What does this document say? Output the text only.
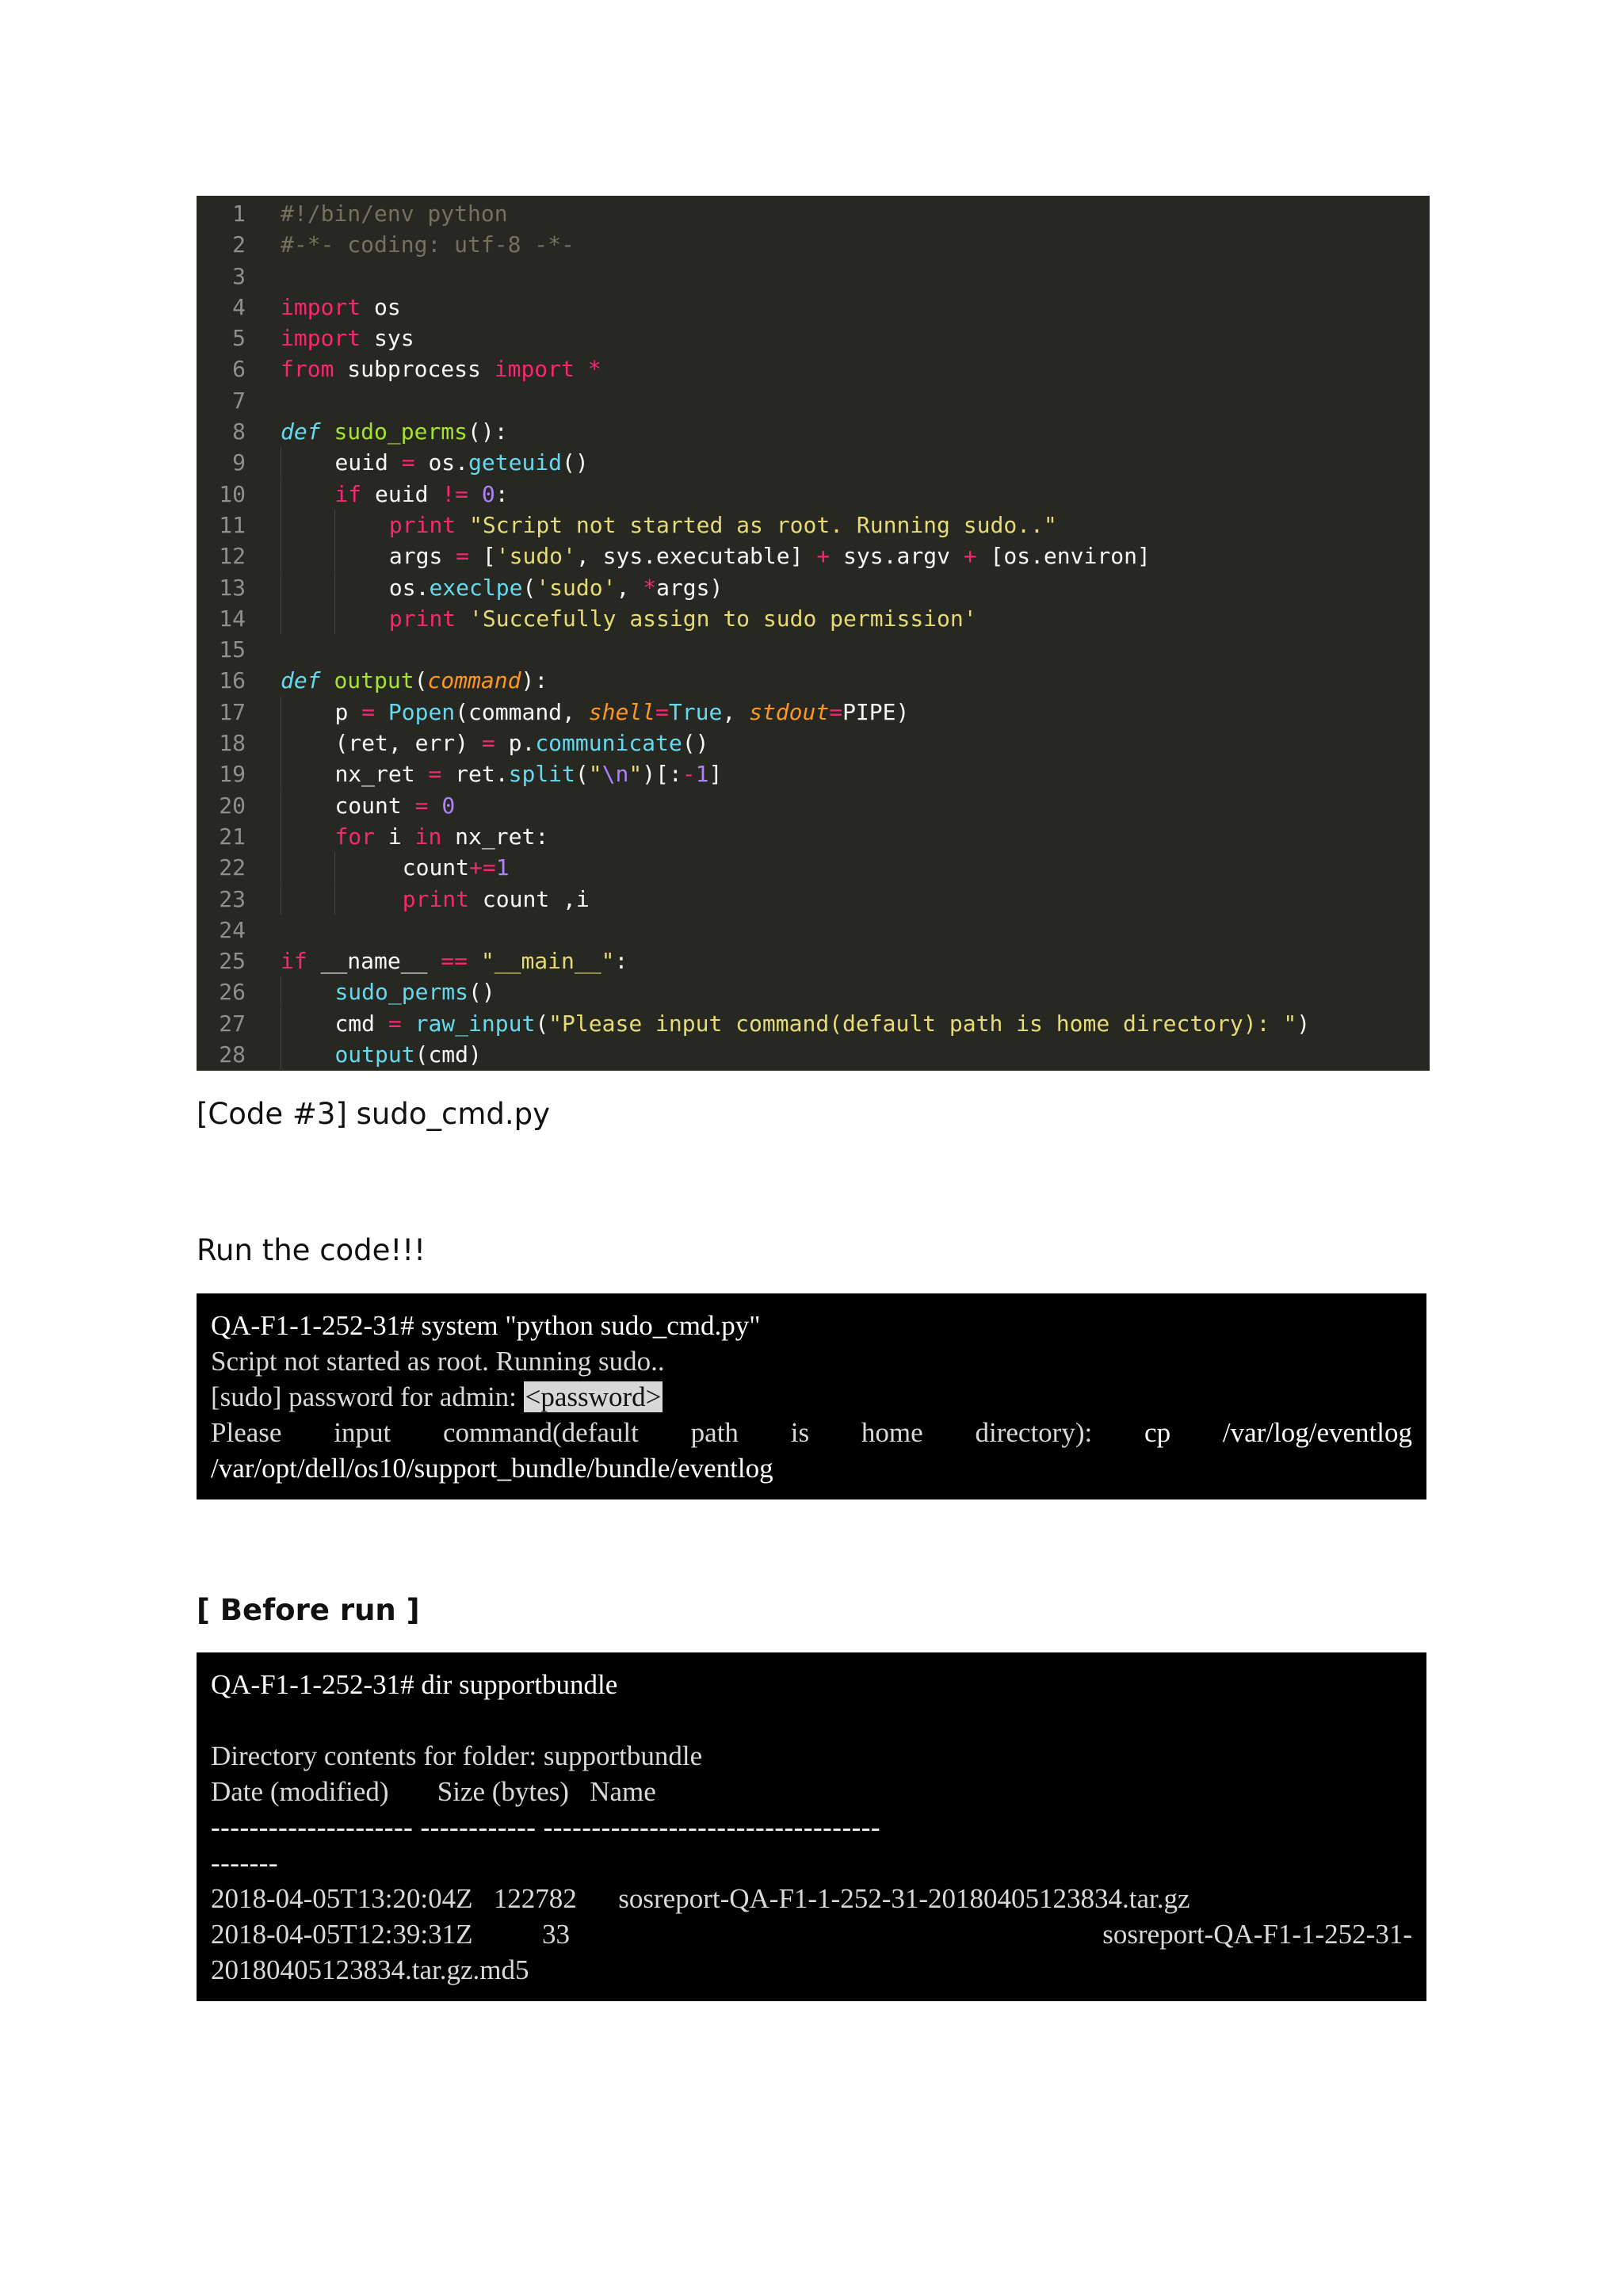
1	#!/bin/env python
2	#-*- coding: utf-8 -*-
3
4	import os
5	import sys
6	from subprocess import *
7
8	def sudo_perms():
9	euid = os.geteuid()
10	if euid != 0:
11	print "Script not started as root. Running sudo.."
12	args = ['sudo', sys.executable] + sys.argv + [os.environ]
13	os.execlpe('sudo', *args)
14	print 'Succefully assign to sudo permission'
15
16	def output(command):
17	p = Popen(command, shell=True, stdout=PIPE)
18	(ret, err) = p.communicate()
19	nx_ret = ret.split("\n")[:-1]
20	count = 0
21	for i in nx_ret:
22	count+=1
23	print count ,i
24
25	if __name__ == "__main__":
26	sudo_perms()
27	cmd = raw_input("Please input command(default path is home directory): ")
28	output(cmd)
[Code #3] sudo_cmd.py
Run the code!!!
QA-F1-1-252-31# system "python sudo_cmd.py"
Script not started as root. Running sudo..
[sudo] password for admin: <password>
Please input command(default path is home directory): cp /var/log/eventlog
/var/opt/dell/os10/support_bundle/bundle/eventlog
[ Before run ]
QA-F1-1-252-31# dir supportbundle
Directory contents for folder: supportbundle
Date (modified)       Size (bytes)   Name
--------------------- ------------ -----------------------------------
-------
2018-04-05T13:20:04Z   122782      sosreport-QA-F1-1-252-31-20180405123834.tar.gz
2018-04-05T12:39:31Z          33	sosreport-QA-F1-1-252-31-
20180405123834.tar.gz.md5
